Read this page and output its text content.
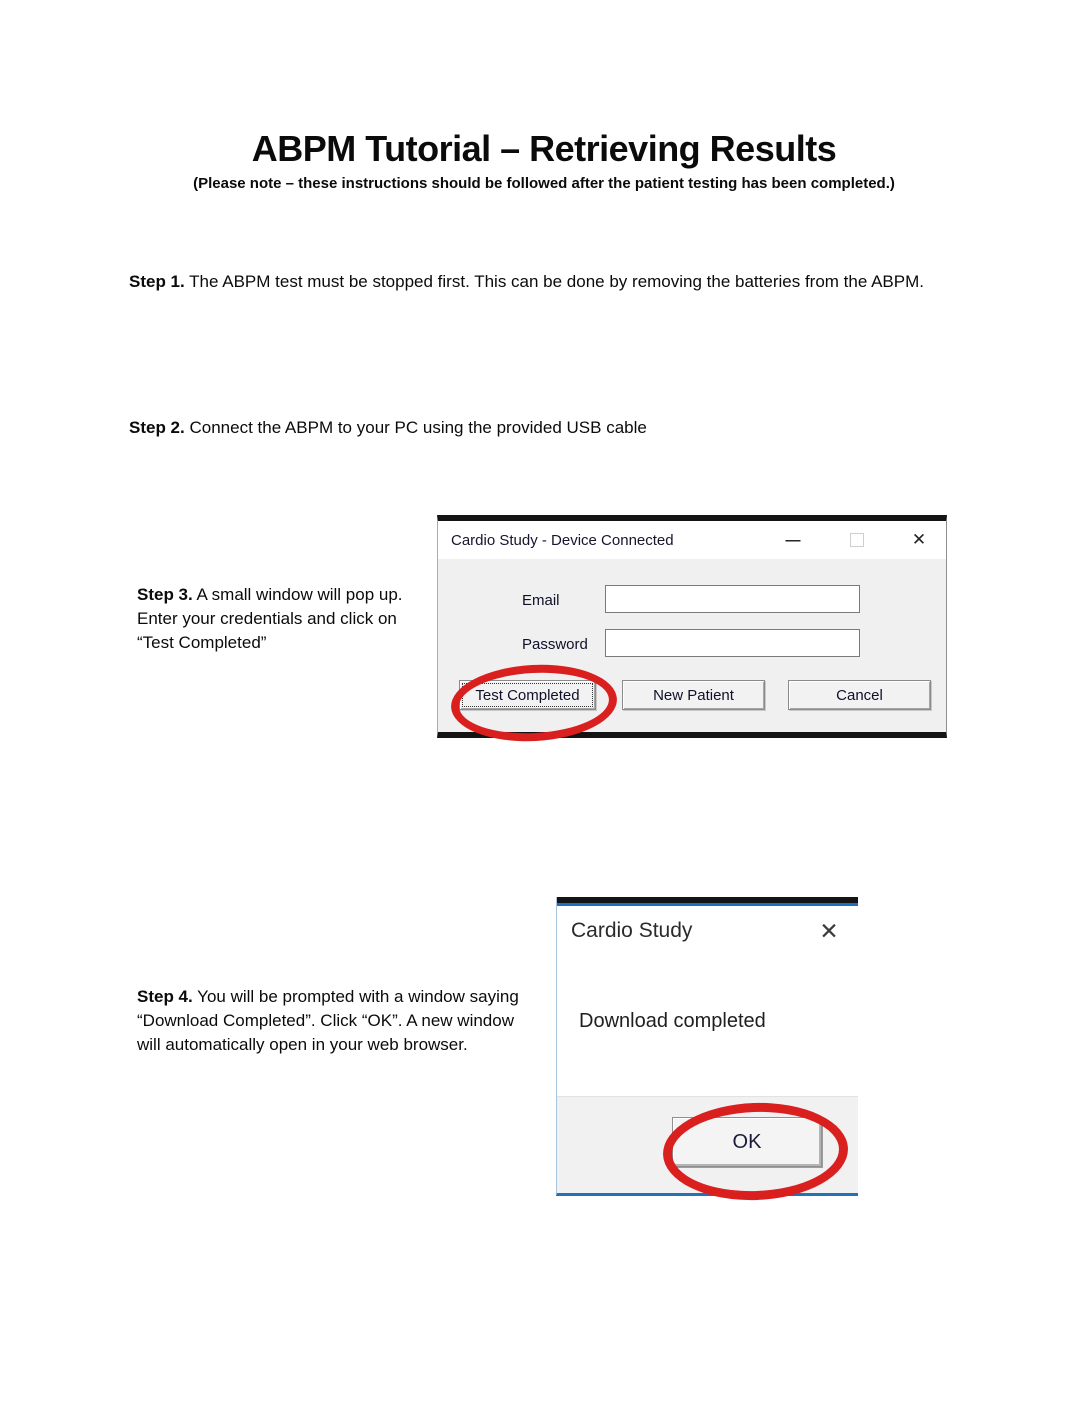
ABPM Tutorial – Retrieving Results
(Please note – these instructions should be followed after the patient testing has been completed.)

Step 1. The ABPM test must be stopped first. This can be done by removing the batteries from the ABPM.

Step 2. Connect the ABPM to your PC using the provided USB cable

Step 3. A small window will pop up. Enter your credentials and click on “Test Completed”

Step 4. You will be prompted with a window saying “Download Completed”. Click “OK”. A new window will automatically open in your web browser.

Cardio Study - Device Connected	—	✕
Email
Password
Test Completed	New Patient	Cancel
Cardio Study	✕
Download completed
OK
